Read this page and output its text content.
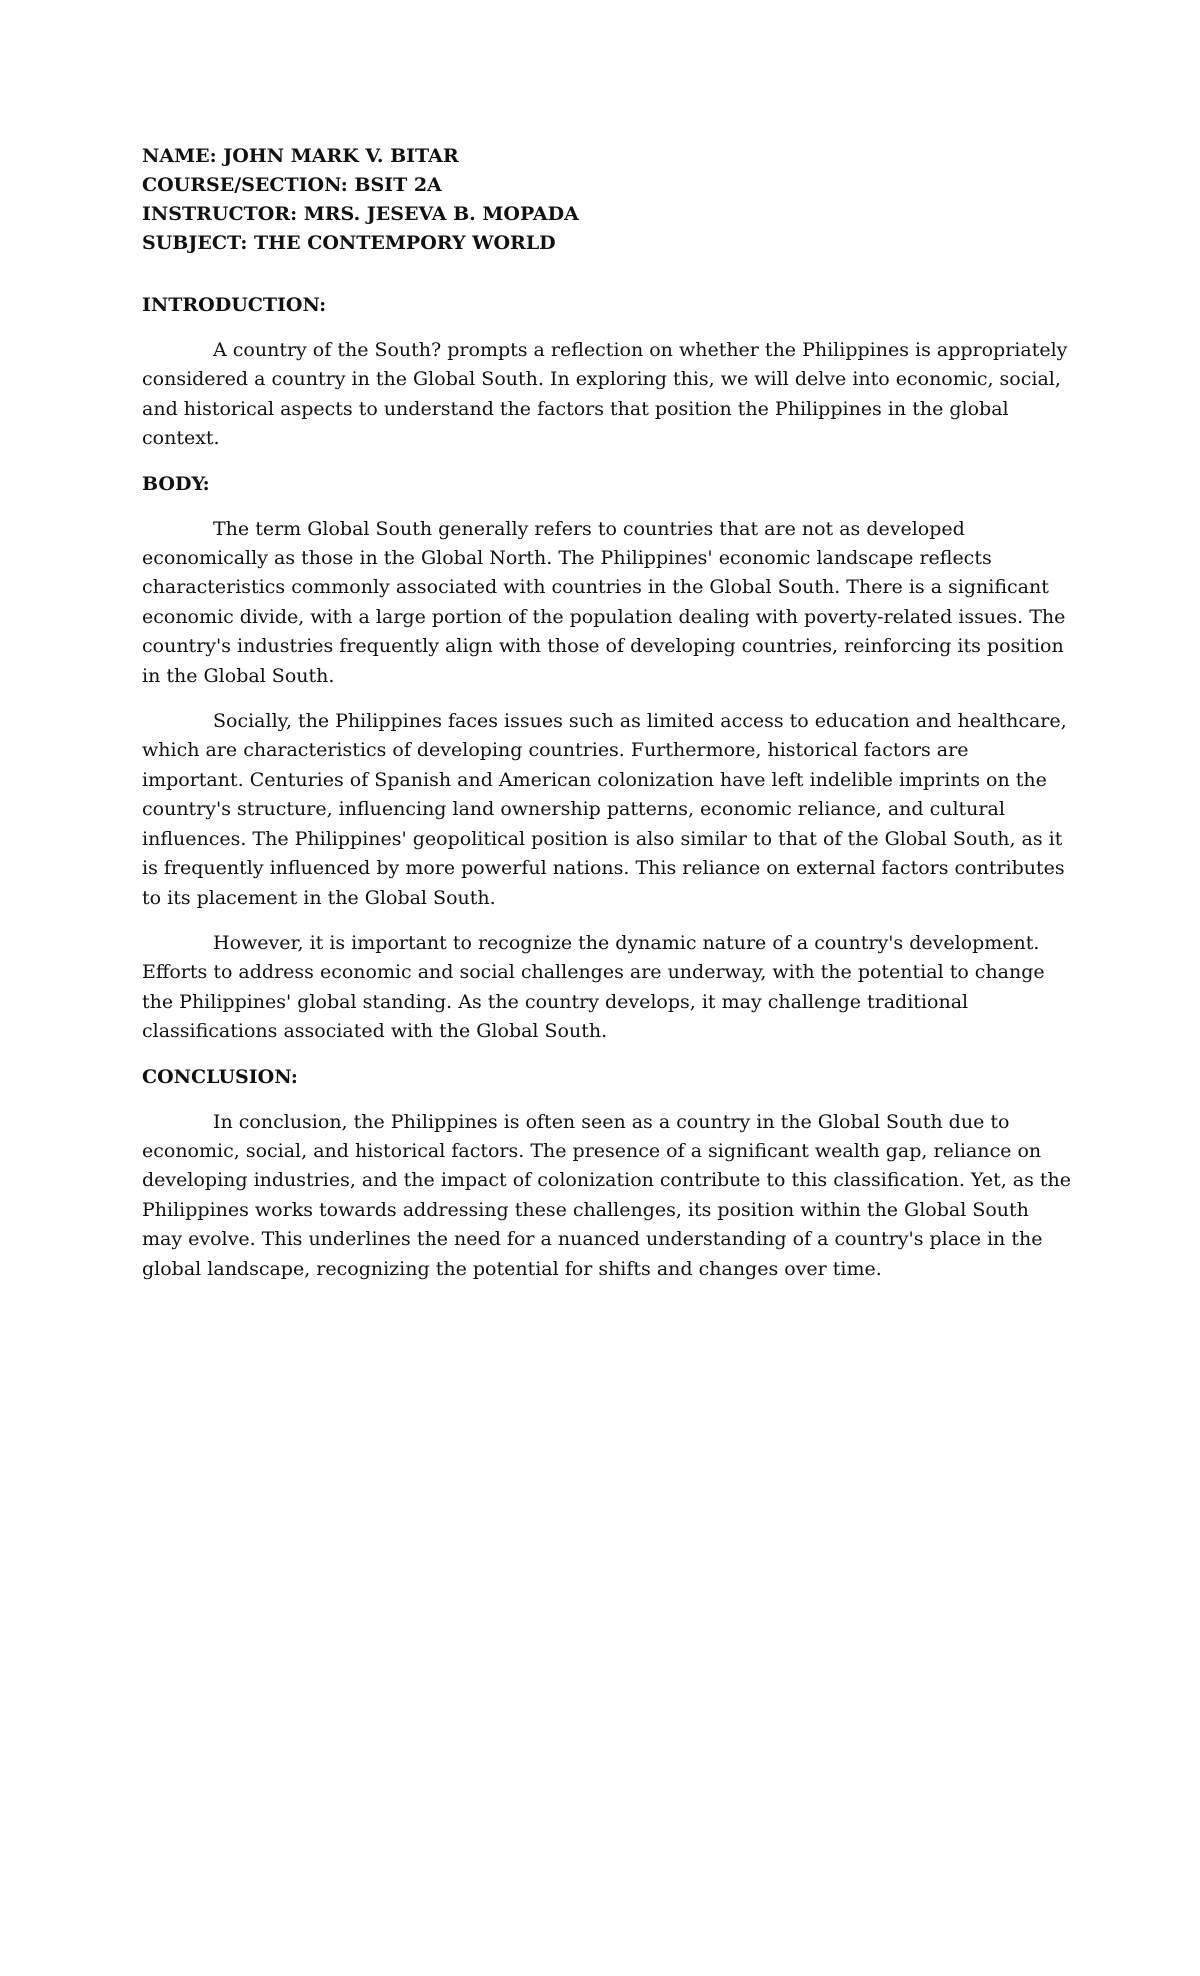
NAME: JOHN MARK V. BITAR

COURSE/SECTION: BSIT 2A

INSTRUCTOR: MRS. JESEVA B. MOPADA

SUBJECT: THE CONTEMPORY WORLD

INTRODUCTION:

A country of the South? prompts a reflection on whether the Philippines is appropriately considered a country in the Global South. In exploring this, we will delve into economic, social, and historical aspects to understand the factors that position the Philippines in the global context.

BODY:

The term Global South generally refers to countries that are not as developed economically as those in the Global North. The Philippines' economic landscape reflects characteristics commonly associated with countries in the Global South. There is a significant economic divide, with a large portion of the population dealing with poverty-related issues. The country's industries frequently align with those of developing countries, reinforcing its position in the Global South.

Socially, the Philippines faces issues such as limited access to education and healthcare, which are characteristics of developing countries. Furthermore, historical factors are important. Centuries of Spanish and American colonization have left indelible imprints on the country's structure, influencing land ownership patterns, economic reliance, and cultural influences. The Philippines' geopolitical position is also similar to that of the Global South, as it is frequently influenced by more powerful nations. This reliance on external factors contributes to its placement in the Global South.

However, it is important to recognize the dynamic nature of a country's development. Efforts to address economic and social challenges are underway, with the potential to change the Philippines' global standing. As the country develops, it may challenge traditional classifications associated with the Global South.

CONCLUSION:

In conclusion, the Philippines is often seen as a country in the Global South due to economic, social, and historical factors. The presence of a significant wealth gap, reliance on developing industries, and the impact of colonization contribute to this classification. Yet, as the Philippines works towards addressing these challenges, its position within the Global South may evolve. This underlines the need for a nuanced understanding of a country's place in the global landscape, recognizing the potential for shifts and changes over time.
